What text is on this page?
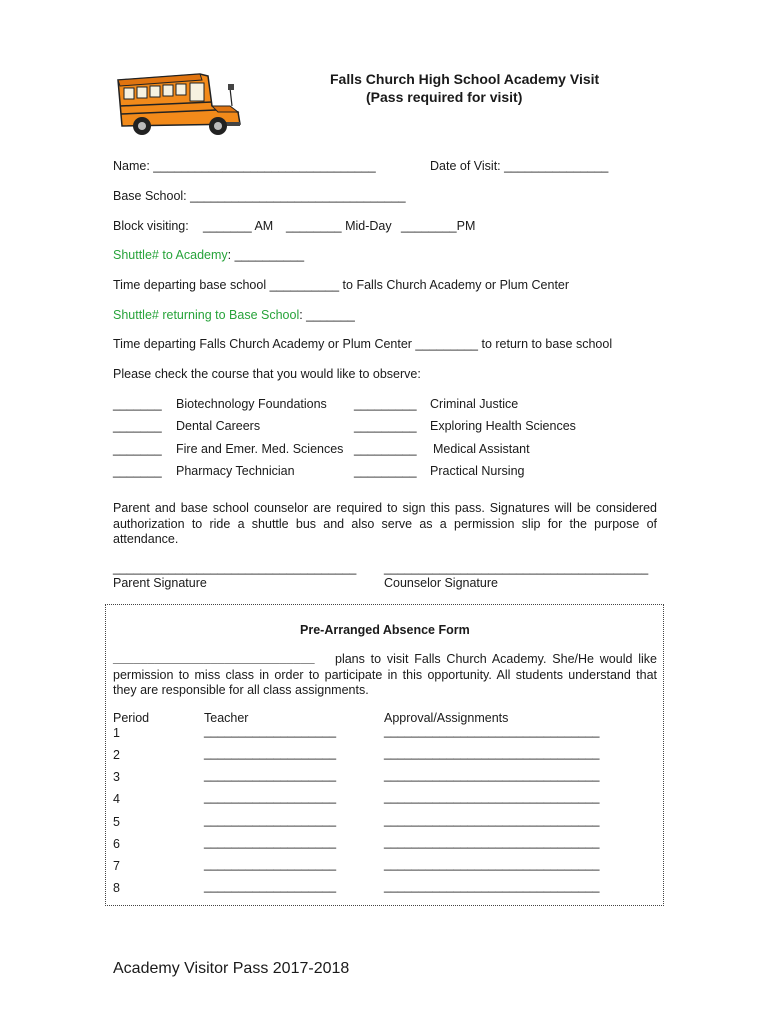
Falls Church High School Academy Visit
(Pass required for visit)
Name: ________________________________	Date of Visit: _______________
Base School: _______________________________
Block visiting: _______ AM ________ Mid-Day ________PM
Shuttle# to Academy: __________
Time departing base school __________ to Falls Church Academy or Plum Center
Shuttle# returning to Base School: _______
Time departing Falls Church Academy or Plum Center _________ to return to base school
Please check the course that you would like to observe:
_______ Biotechnology Foundations _________ Criminal Justice
_______ Dental Careers	_________ Exploring Health Sciences
_______ Fire and Emer. Med. Sciences _________ Medical Assistant
_______ Pharmacy Technician	_________ Practical Nursing
Parent and base school counselor are required to sign this pass. Signatures will be considered authorization to ride a shuttle bus and also serve as a permission slip for the purpose of attendance.
___________________________________
Parent Signature
______________________________________
Counselor Signature
Pre-Arranged Absence Form
_____________________________	plans to visit Falls Church Academy. She/He would like permission to miss class in order to participate in this opportunity. All students understand that they are responsible for all class assignments.
Period	Teacher	Approval/Assignments
1	___________________	_______________________________
2	___________________	_______________________________
3	___________________	_______________________________
4	___________________	_______________________________
5	___________________	_______________________________
6	___________________	_______________________________
7	___________________	_______________________________
8	___________________	_______________________________
Academy Visitor Pass 2017-2018
